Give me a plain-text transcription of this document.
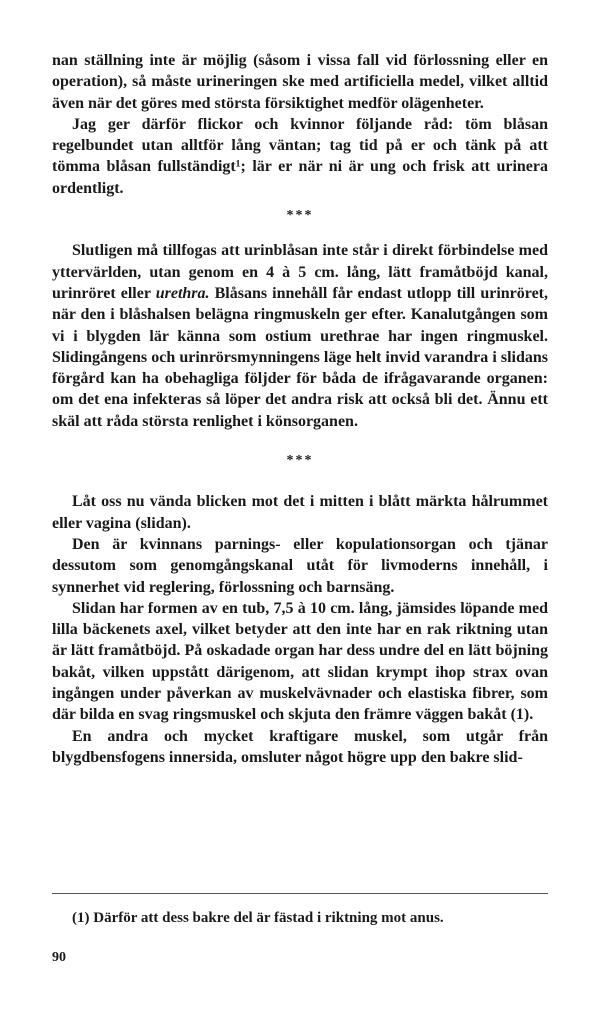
nan ställning inte är möjlig (såsom i vissa fall vid förlossning eller en operation), så måste urineringen ske med artificiella medel, vilket alltid även när det göres med största försiktighet medför olägenheter.

Jag ger därför flickor och kvinnor följande råd: töm blåsan regelbundet utan alltför lång väntan; tag tid på er och tänk på att tömma blåsan fullständigt¹; lär er när ni är ung och frisk att urinera ordentligt.

***

Slutligen må tillfogas att urinblåsan inte står i direkt förbindelse med yttervärlden, utan genom en 4 à 5 cm. lång, lätt framåtböjd kanal, urinröret eller urethra. Blåsans innehåll får endast utlopp till urinröret, när den i blåshalsen belägna ringmuskeln ger efter. Kanalutgången som vi i blygden lär känna som ostium urethrae har ingen ringmuskel. Slidingångens och urinrörsmynningens läge helt invid varandra i slidans förgård kan ha obehagliga följder för båda de ifrågavarande organen: om det ena infekteras så löper det andra risk att också bli det. Ännu ett skäl att råda största renlighet i könsorganen.

***

Låt oss nu vända blicken mot det i mitten i blått märkta hålrummet eller vagina (slidan).

Den är kvinnans parnings- eller kopulationsorgan och tjänar dessutom som genomgångskanal utåt för livmoderns innehåll, i synnerhet vid reglering, förlossning och barnsäng.

Slidan har formen av en tub, 7,5 à 10 cm. lång, jämsides löpande med lilla bäckenets axel, vilket betyder att den inte har en rak riktning utan är lätt framåtböjd. På oskadade organ har dess undre del en lätt böjning bakåt, vilken uppstått därigenom, att slidan krympt ihop strax ovan ingången under påverkan av muskelvävnader och elastiska fibrer, som där bilda en svag ringsmuskel och skjuta den främre väggen bakåt (1).

En andra och mycket kraftigare muskel, som utgår från blygdbensfogens innersida, omsluter något högre upp den bakre slid-

(1) Därför att dess bakre del är fästad i riktning mot anus.
90
